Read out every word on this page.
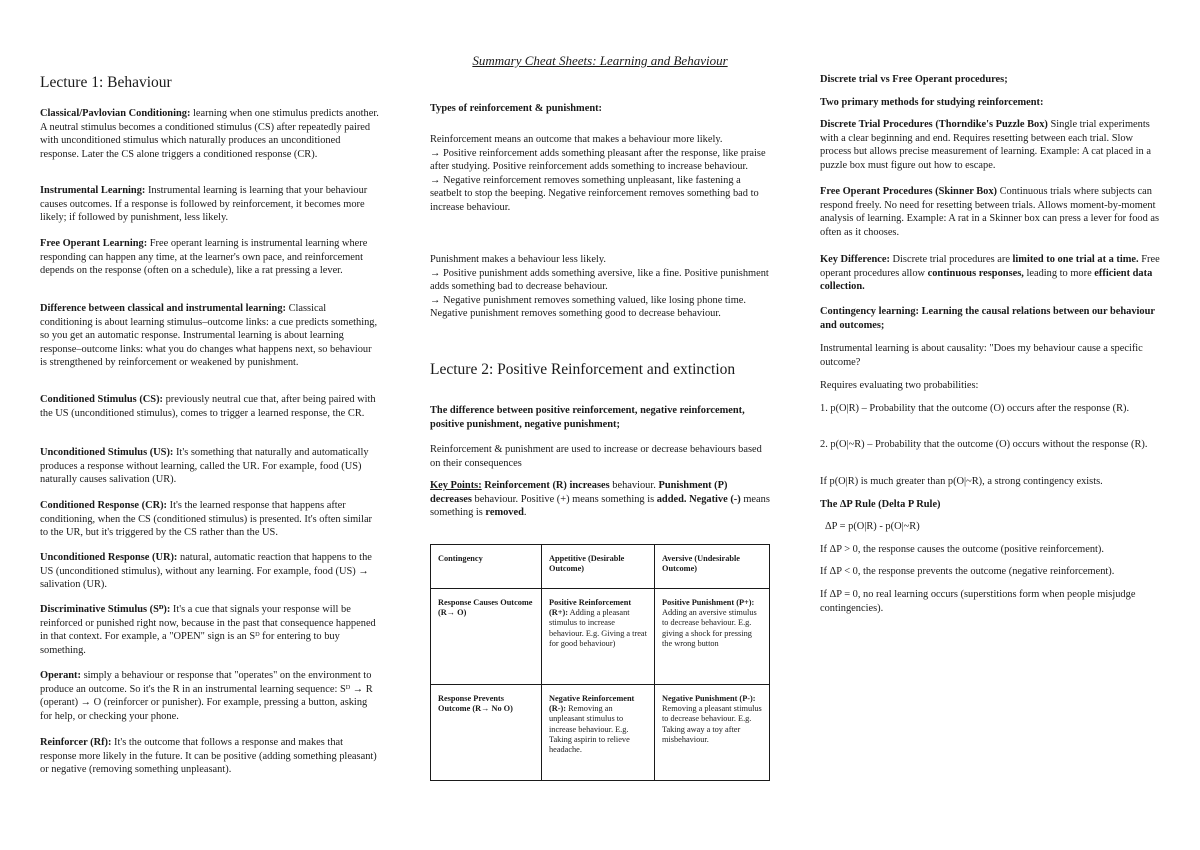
Summary Cheat Sheets: Learning and Behaviour
Lecture 1: Behaviour

Classical/Pavlovian Conditioning: learning when one stimulus predicts another. A neutral stimulus becomes a conditioned stimulus (CS) after repeatedly paired with unconditioned stimulus which naturally produces an unconditioned response. Later the CS alone triggers a conditioned response (CR).

Instrumental Learning: Instrumental learning is learning that your behaviour causes outcomes. If a response is followed by reinforcement, it becomes more likely; if followed by punishment, less likely.

Free Operant Learning: Free operant learning is instrumental learning where responding can happen any time, at the learner's own pace, and reinforcement depends on the response (often on a schedule), like a rat pressing a lever.

Difference between classical and instrumental learning: Classical conditioning is about learning stimulus–outcome links: a cue predicts something, so you get an automatic response. Instrumental learning is about learning response–outcome links: what you do changes what happens next, so behaviour is strengthened by reinforcement or weakened by punishment.

Conditioned Stimulus (CS): previously neutral cue that, after being paired with the US (unconditioned stimulus), comes to trigger a learned response, the CR.

Unconditioned Stimulus (US): It's something that naturally and automatically produces a response without learning, called the UR. For example, food (US) naturally causes salivation (UR).

Conditioned Response (CR): It's the learned response that happens after conditioning, when the CS (conditioned stimulus) is presented. It's often similar to the UR, but it's triggered by the CS rather than the US.

Unconditioned Response (UR): natural, automatic reaction that happens to the US (unconditioned stimulus), without any learning. For example, food (US) → salivation (UR).

Discriminative Stimulus (Sᴰ): It's a cue that signals your response will be reinforced or punished right now, because in the past that consequence happened in that context. For example, a "OPEN" sign is an Sᴰ for entering to buy something.

Operant: simply a behaviour or response that "operates" on the environment to produce an outcome. So it's the R in an instrumental learning sequence: Sᴰ → R (operant) → O (reinforcer or punisher). For example, pressing a button, asking for help, or checking your phone.

Reinforcer (Rf): It's the outcome that follows a response and makes that response more likely in the future. It can be positive (adding something pleasant) or negative (removing something unpleasant).

Types of reinforcement & punishment:

Reinforcement means an outcome that makes a behaviour more likely.

→ Positive reinforcement adds something pleasant after the response, like praise after studying. Positive reinforcement adds something to increase behaviour.

→ Negative reinforcement removes something unpleasant, like fastening a seatbelt to stop the beeping. Negative reinforcement removes something bad to increase behaviour.

Punishment makes a behaviour less likely.

→ Positive punishment adds something aversive, like a fine. Positive punishment adds something bad to decrease behaviour.

→ Negative punishment removes something valued, like losing phone time. Negative punishment removes something good to decrease behaviour.

Lecture 2: Positive Reinforcement and extinction

The difference between positive reinforcement, negative reinforcement, positive punishment, negative punishment;

Reinforcement & punishment are used to increase or decrease behaviours based on their consequences

Key Points: Reinforcement (R) increases behaviour. Punishment (P) decreases behaviour. Positive (+) means something is added. Negative (-) means something is removed.

Contingency	Appetitive (Desirable Outcome)	Aversive (Undesirable Outcome)
Response Causes Outcome (R→ O)	Positive Reinforcement (R+): Adding a pleasant stimulus to increase behaviour. E.g. Giving a treat for good behaviour)	Positive Punishment (P+): Adding an aversive stimulus to decrease behaviour. E.g. giving a shock for pressing the wrong button
Response Prevents Outcome (R→ No O)	Negative Reinforcement (R-): Removing an unpleasant stimulus to increase behaviour. E.g. Taking aspirin to relieve headache.	Negative Punishment (P-): Removing a pleasant stimulus to decrease behaviour. E.g. Taking away a toy after misbehaviour.

Discrete trial vs Free Operant procedures;

Two primary methods for studying reinforcement:

Discrete Trial Procedures (Thorndike's Puzzle Box) Single trial experiments with a clear beginning and end. Requires resetting between each trial. Slow process but allows precise measurement of learning. Example: A cat placed in a puzzle box must figure out how to escape.

Free Operant Procedures (Skinner Box) Continuous trials where subjects can respond freely. No need for resetting between trials. Allows moment-by-moment analysis of learning. Example: A rat in a Skinner box can press a lever for food as often as it chooses.

Key Difference: Discrete trial procedures are limited to one trial at a time. Free operant procedures allow continuous responses, leading to more efficient data collection.

Contingency learning: Learning the causal relations between our behaviour and outcomes;

Instrumental learning is about causality: "Does my behaviour cause a specific outcome?

Requires evaluating two probabilities:

1. p(O|R) – Probability that the outcome (O) occurs after the response (R).

2. p(O|~R) – Probability that the outcome (O) occurs without the response (R).

If p(O|R) is much greater than p(O|~R), a strong contingency exists.

The ΔP Rule (Delta P Rule)

ΔP = p(O|R) - p(O|~R)

If ΔP > 0, the response causes the outcome (positive reinforcement).

If ΔP < 0, the response prevents the outcome (negative reinforcement).

If ΔP = 0, no real learning occurs (superstitions form when people misjudge contingencies).
